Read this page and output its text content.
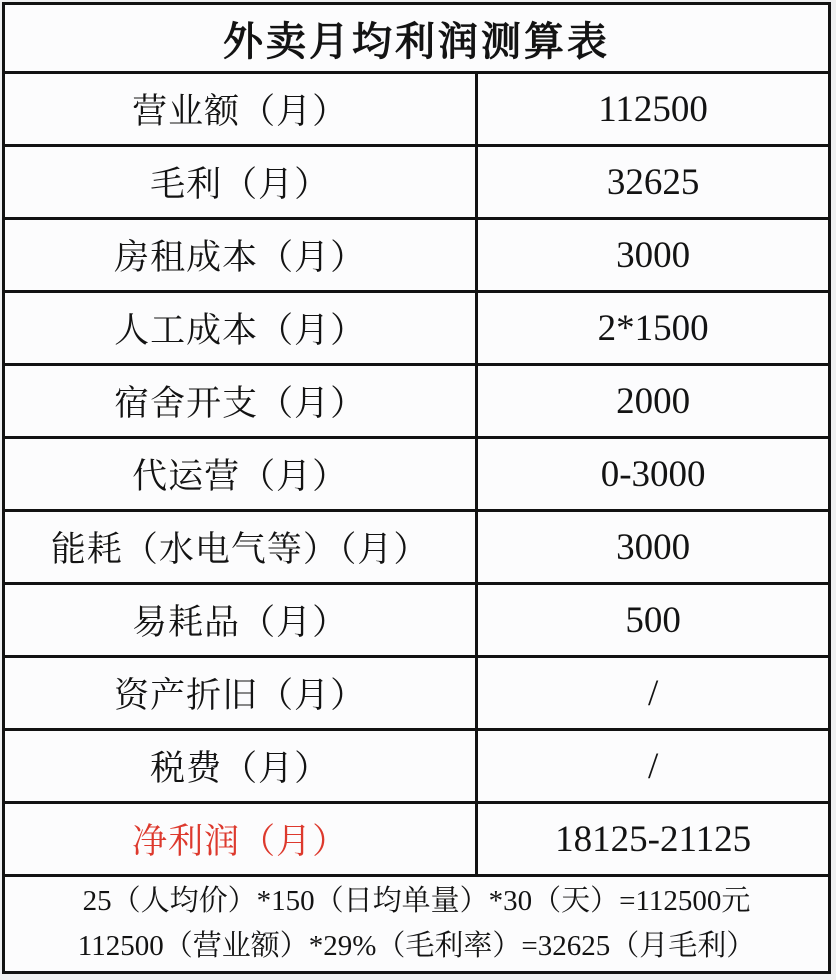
外卖月均利润测算表
营业额（月）	112500
毛利（月）	32625
房租成本（月）	3000
人工成本（月）	2*1500
宿舍开支（月）	2000
代运营（月）	0-3000
能耗（水电气等）（月）	3000
易耗品（月）	500
资产折旧（月）	/
税费（月）	/
净利润（月）	18125-21125
25（人均价）*150（日均单量）*30（天）=112500元
112500（营业额）*29%（毛利率）=32625（月毛利）
